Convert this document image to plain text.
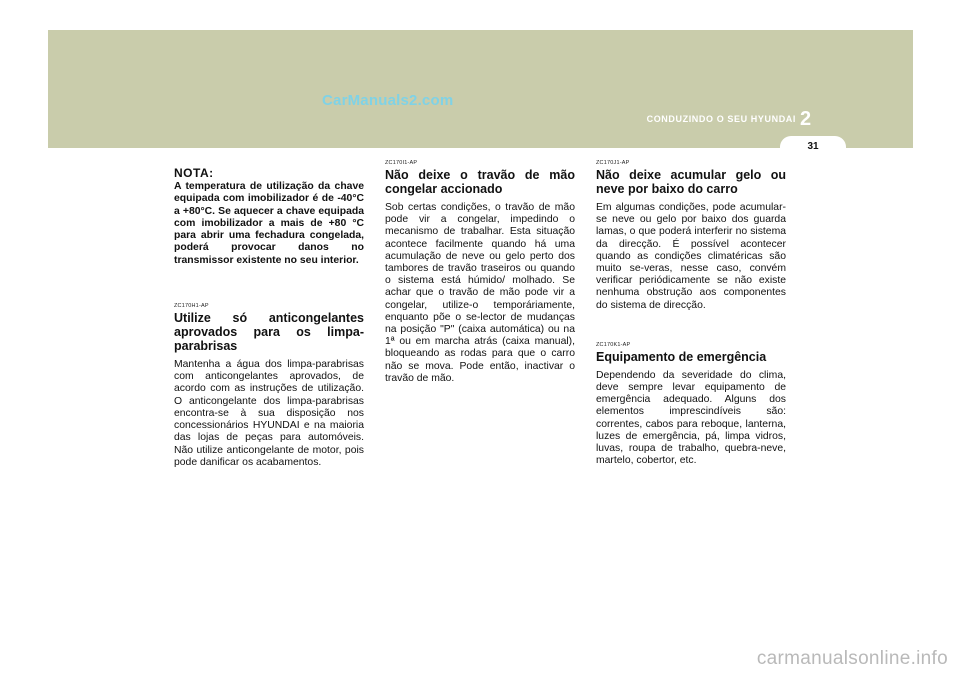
CarManuals2.com
CONDUZINDO O SEU HYUNDAI 2
31
NOTA:

A temperatura de utilização da chave equipada com imobilizador é de -40°C a +80°C. Se aquecer a chave equipada com imobilizador a mais de +80 °C para abrir uma fechadura congelada, poderá provocar danos no transmissor existente no seu interior.

ZC170H1-AP
Utilize só anticongelantes aprovados para os limpa-parabrisas

Mantenha a água dos limpa-parabrisas com anticongelantes aprovados, de acordo com as instruções de utilização. O anticongelante dos limpa-parabrisas encontra-se à sua disposição nos concessionários HYUNDAI e na maioria das lojas de peças para automóveis. Não utilize anticongelante de motor, pois pode danificar os acabamentos.

ZC170I1-AP
Não deixe o travão de mão congelar accionado

Sob certas condições, o travão de mão pode vir a congelar, impedindo o mecanismo de trabalhar. Esta situação acontece facilmente quando há uma acumulação de neve ou gelo perto dos tambores de travão traseiros ou quando o sistema está húmido/ molhado. Se achar que o travão de mão pode vir a congelar, utilize-o temporáriamente, enquanto põe o se-lector de mudanças na posição "P" (caixa automática) ou na 1ª ou em marcha atrás (caixa manual), bloqueando as rodas para que o carro não se mova. Pode então, inactivar o travão de mão.

ZC170J1-AP
Não deixe acumular gelo ou neve por baixo do carro

Em algumas condições, pode acumular-se neve ou gelo por baixo dos guarda lamas, o que poderá interferir no sistema da direcção. É possível acontecer quando as condições climatéricas são muito se-veras, nesse caso, convém verificar periódicamente se não existe nenhuma obstrução aos componentes do sistema de direcção.

ZC170K1-AP
Equipamento de emergência

Dependendo da severidade do clima, deve sempre levar equipamento de emergência adequado. Alguns dos elementos imprescindíveis são: correntes, cabos para reboque, lanterna, luzes de emergência, pá, limpa vidros, luvas, roupa de trabalho, quebra-neve, martelo, cobertor, etc.

carmanualsonline.info
